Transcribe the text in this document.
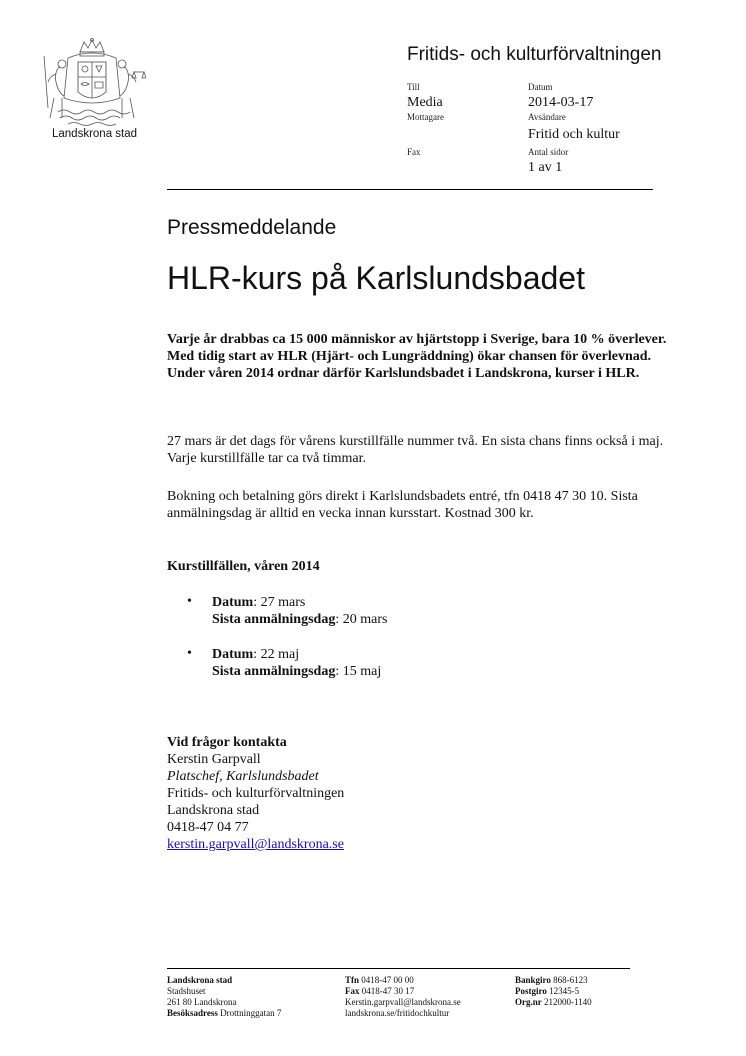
Landskrona stad
Fritids- och kulturförvaltningen
Till
Media
Mottagare
Fax
Datum
2014-03-17
Avsändare
Fritid och kultur
Antal sidor
1 av 1
Pressmeddelande
HLR-kurs på Karlslundsbadet
Varje år drabbas ca 15 000 människor av hjärtstopp i Sverige, bara 10 % överlever. Med tidig start av HLR (Hjärt- och Lungräddning) ökar chansen för överlevnad. Under våren 2014 ordnar därför Karlslundsbadet i Landskrona, kurser i HLR.
27 mars är det dags för vårens kurstillfälle nummer två. En sista chans finns också i maj. Varje kurstillfälle tar ca två timmar.
Bokning och betalning görs direkt i Karlslundsbadets entré, tfn 0418 47 30 10. Sista anmälningsdag är alltid en vecka innan kursstart. Kostnad 300 kr.
Kurstillfällen, våren 2014
• Datum: 27 mars
Sista anmälningsdag: 20 mars
• Datum: 22 maj
Sista anmälningsdag: 15 maj
Vid frågor kontakta
Kerstin Garpvall
Platschef, Karlslundsbadet
Fritids- och kulturförvaltningen
Landskrona stad
0418-47 04 77
kerstin.garpvall@landskrona.se
Landskrona stad
Stadshuset
261 80 Landskrona
Besöksadress Drottninggatan 7
Tfn 0418-47 00 00
Fax 0418-47 30 17
Kerstin.garpvall@landskrona.se
landskrona.se/fritidochkultur
Bankgiro 868-6123
Postgiro 12345-5
Org.nr 212000-1140
